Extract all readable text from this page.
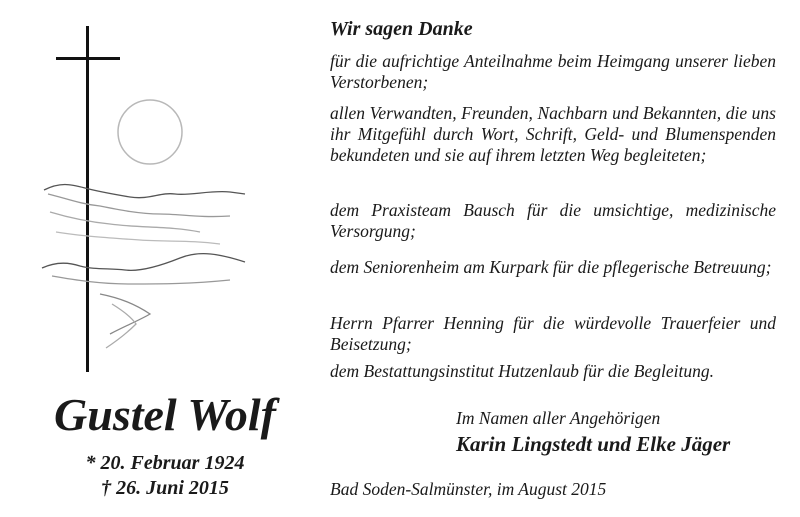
Wir sagen Danke
für die aufrichtige Anteilnahme beim Heimgang unserer lieben Verstorbenen;
allen Verwandten, Freunden, Nachbarn und Bekannten, die uns ihr Mitgefühl durch Wort, Schrift, Geld- und Blumenspenden bekundeten und sie auf ihrem letzten Weg begleiteten;
dem Praxisteam Bausch für die umsichtige, medizinische Versorgung;
dem Seniorenheim am Kurpark für die pflegerische Betreuung;
Herrn Pfarrer Henning für die würdevolle Trauerfeier und Beisetzung;
dem Bestattungsinstitut Hutzenlaub für die Begleitung.
Gustel Wolf
* 20. Februar 1924
† 26. Juni 2015
Im Namen aller Angehörigen
Karin Lingstedt und Elke Jäger
Bad Soden-Salmünster, im August 2015
